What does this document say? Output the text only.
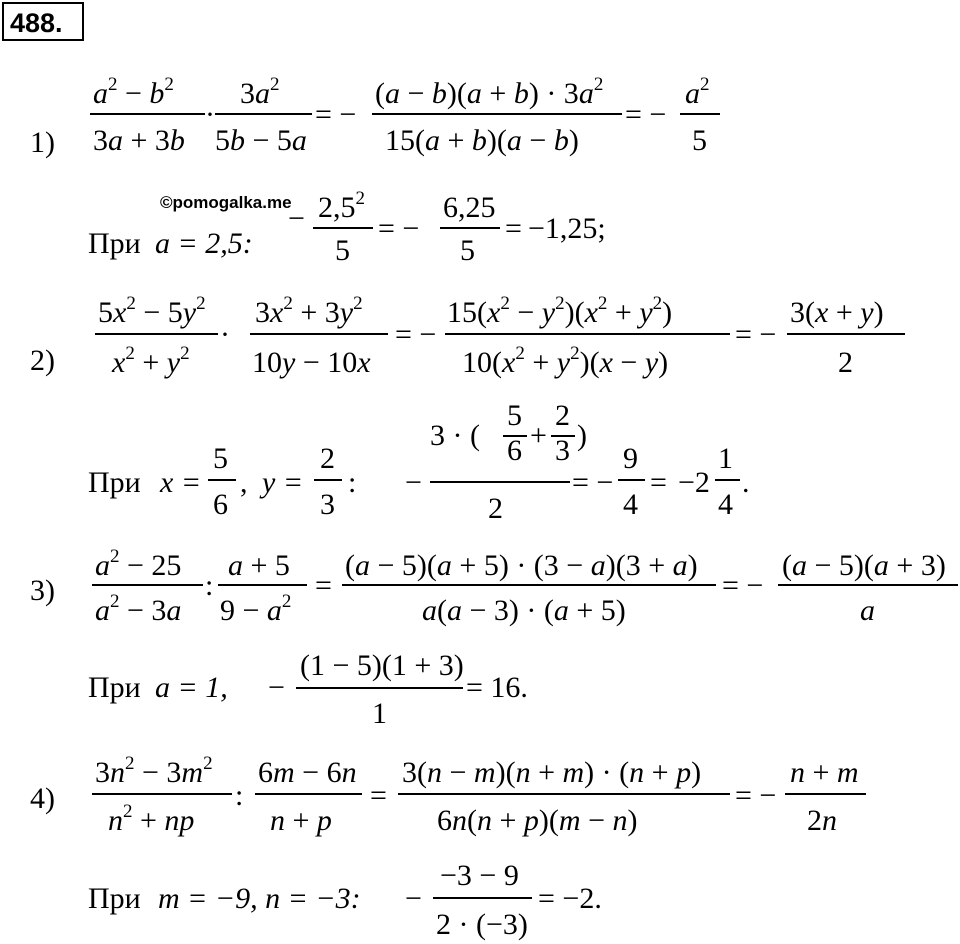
488.
1)
$a^2 - b^2$
3a + 3b
·
$3a^2$
5b − 5a
= −
$(a - b)(a + b) \cdot 3a^2$
15(a + b)(a − b)
= −
$a^2$
5
©pomogalka.me
При a = 2,5:
− $2,5^2$
5
= −
6,25
5
= −1,25;
2)
$5x^2 - 5y^2$
$x^2 + y^2$
·
$3x^2 + 3y^2$
10y − 10x
= −
$15(x^2 - y^2)(x^2 + y^2)$
$10(x^2 + y^2)(x - y)$
= −
3(x + y)
2
При x =
5
6
,
2
3
:
y =	−
3 · (
5
6 +
2
3 )
2
= −
9
4
=
1
4
.
−2
3)
$a^2 - 25$
$a^2 - 3a$
:
a + 5
$9 - a^2$ =
(a − 5)(a + 5) · (3 − a)(3 + a)
a(a − 3) · (a + 5)
= −
(a − 5)(a + 3)
a
При a = 1, −
(1 − 5)(1 + 3)
1
= 16.
4)
$3n^2 - 3m^2$
$n^2$ + np
:
6m − 6n
n + p
=
3(n − m)(n + m) · (n + p)
6n(n + p)(m − n)
= −
n + m
2n
При m = −9, n = −3: −
−3 − 9
2 · (−3)
= −2.
